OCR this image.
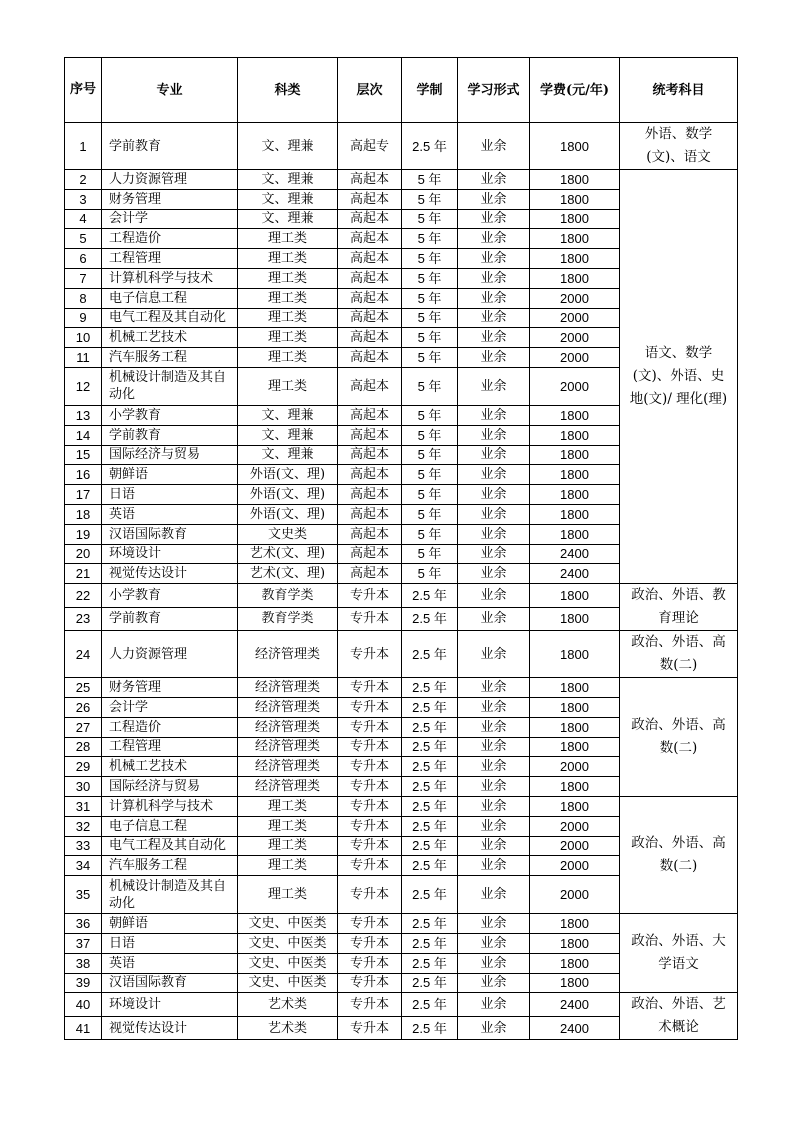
序号	专业	科类	层次	学制	学习形式	学费(元/年)	统考科目
1	学前教育	文、理兼	高起专	2.5 年	业余	1800	外语、数学(文)、语文
2	人力资源管理	文、理兼	高起本	5 年	业余	1800	语文、数学(文)、外语、史地(文)/ 理化(理)
3	财务管理	文、理兼	高起本	5 年	业余	1800	
4	会计学	文、理兼	高起本	5 年	业余	1800	
5	工程造价	理工类	高起本	5 年	业余	1800	
6	工程管理	理工类	高起本	5 年	业余	1800	
7	计算机科学与技术	理工类	高起本	5 年	业余	1800	
8	电子信息工程	理工类	高起本	5 年	业余	2000	
9	电气工程及其自动化	理工类	高起本	5 年	业余	2000	
10	机械工艺技术	理工类	高起本	5 年	业余	2000	
11	汽车服务工程	理工类	高起本	5 年	业余	2000	
12	机械设计制造及其自动化	理工类	高起本	5 年	业余	2000	
13	小学教育	文、理兼	高起本	5 年	业余	1800	
14	学前教育	文、理兼	高起本	5 年	业余	1800	
15	国际经济与贸易	文、理兼	高起本	5 年	业余	1800	
16	朝鲜语	外语(文、理)	高起本	5 年	业余	1800	
17	日语	外语(文、理)	高起本	5 年	业余	1800	
18	英语	外语(文、理)	高起本	5 年	业余	1800	
19	汉语国际教育	文史类	高起本	5 年	业余	1800	
20	环境设计	艺术(文、理)	高起本	5 年	业余	2400	
21	视觉传达设计	艺术(文、理)	高起本	5 年	业余	2400	
22	小学教育	教育学类	专升本	2.5 年	业余	1800	政治、外语、教育理论
23	学前教育	教育学类	专升本	2.5 年	业余	1800	
24	人力资源管理	经济管理类	专升本	2.5 年	业余	1800	政治、外语、高数(二)
25	财务管理	经济管理类	专升本	2.5 年	业余	1800	政治、外语、高数(二)
26	会计学	经济管理类	专升本	2.5 年	业余	1800	
27	工程造价	经济管理类	专升本	2.5 年	业余	1800	
28	工程管理	经济管理类	专升本	2.5 年	业余	1800	
29	机械工艺技术	经济管理类	专升本	2.5 年	业余	2000	
30	国际经济与贸易	经济管理类	专升本	2.5 年	业余	1800	
31	计算机科学与技术	理工类	专升本	2.5 年	业余	1800	政治、外语、高数(二)
32	电子信息工程	理工类	专升本	2.5 年	业余	2000	
33	电气工程及其自动化	理工类	专升本	2.5 年	业余	2000	
34	汽车服务工程	理工类	专升本	2.5 年	业余	2000	
35	机械设计制造及其自动化	理工类	专升本	2.5 年	业余	2000	
36	朝鲜语	文史、中医类	专升本	2.5 年	业余	1800	政治、外语、大学语文
37	日语	文史、中医类	专升本	2.5 年	业余	1800	
38	英语	文史、中医类	专升本	2.5 年	业余	1800	
39	汉语国际教育	文史、中医类	专升本	2.5 年	业余	1800	
40	环境设计	艺术类	专升本	2.5 年	业余	2400	政治、外语、艺术概论
41	视觉传达设计	艺术类	专升本	2.5 年	业余	2400	
